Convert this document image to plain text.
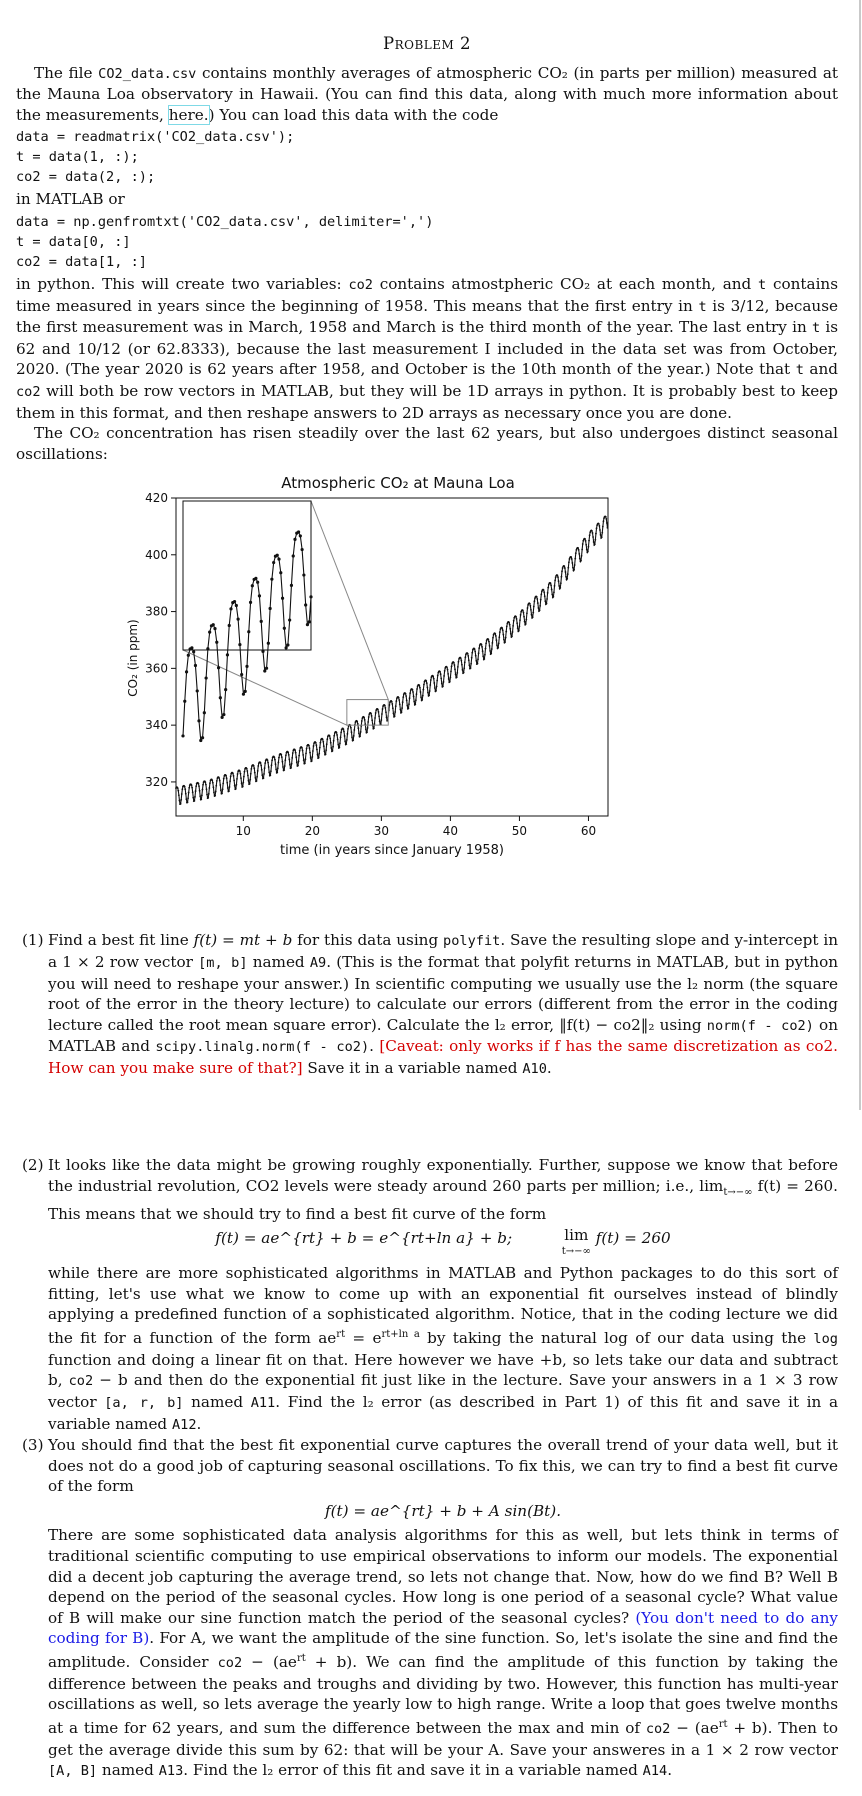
Problem 2

The file CO2_data.csv contains monthly averages of atmospheric CO₂ (in parts per million) measured at the Mauna Loa observatory in Hawaii. (You can find this data, along with much more information about the measurements, here.) You can load this data with the code

data = readmatrix('CO2_data.csv');
t = data(1, :);
co2 = data(2, :);

in MATLAB or

data = np.genfromtxt('CO2_data.csv', delimiter=',')
t = data[0, :]
co2 = data[1, :]

in python. This will create two variables: co2 contains atmostpheric CO₂ at each month, and t contains time measured in years since the beginning of 1958. This means that the first entry in t is 3/12, because the first measurement was in March, 1958 and March is the third month of the year. The last entry in t is 62 and 10/12 (or 62.8333), because the last measurement I included in the data set was from October, 2020. (The year 2020 is 62 years after 1958, and October is the 10th month of the year.) Note that t and co2 will both be row vectors in MATLAB, but they will be 1D arrays in python. It is probably best to keep them in this format, and then reshape answers to 2D arrays as necessary once you are done.

The CO₂ concentration has risen steadily over the last 62 years, but also undergoes distinct seasonal oscillations:

Atmospheric CO₂ at Mauna Loa
10	20	30	40	50	60
320
340
360
380
400
420
time (in years since January 1958)
CO₂ (in ppm)
(1) Find a best fit line f(t) = mt + b for this data using polyfit. Save the resulting slope and y-intercept in a 1 × 2 row vector [m, b] named A9. (This is the format that polyfit returns in MATLAB, but in python you will need to reshape your answer.) In scientific computing we usually use the l₂ norm (the square root of the error in the theory lecture) to calculate our errors (different from the error in the coding lecture called the root mean square error). Calculate the l₂ error, ‖f(t) − co2‖₂ using norm(f - co2) on MATLAB and scipy.linalg.norm(f - co2). [Caveat: only works if f has the same discretization as co2. How can you make sure of that?] Save it in a variable named A10.
(2) It looks like the data might be growing roughly exponentially. Further, suppose we know that before the industrial revolution, CO2 levels were steady around 260 parts per million; i.e., $\lim_{t\to-\infty} f(t) = 260$. This means that we should try to find a best fit curve of the form
f(t) = ae^{rt} + b = e^{rt+ln a} + b;	lim
t→−∞ f(t) = 260
while there are more sophisticated algorithms in MATLAB and Python packages to do this sort of fitting, let's use what we know to come up with an exponential fit ourselves instead of blindly applying a predefined function of a sophisticated algorithm. Notice, that in the coding lecture we did the fit for a function of the form $ae^{rt} = e^{rt+ln a}$ by taking the natural log of our data using the log function and doing a linear fit on that. Here however we have +b, so lets take our data and subtract b, co2 − b and then do the exponential fit just like in the lecture. Save your answers in a 1 × 3 row vector [a, r, b] named A11. Find the l₂ error (as described in Part 1) of this fit and save it in a variable named A12.
(3) You should find that the best fit exponential curve captures the overall trend of your data well, but it does not do a good job of capturing seasonal oscillations. To fix this, we can try to find a best fit curve of the form
f(t) = ae^{rt} + b + A sin(Bt).
There are some sophisticated data analysis algorithms for this as well, but lets think in terms of traditional scientific computing to use empirical observations to inform our models. The exponential did a decent job capturing the average trend, so lets not change that. Now, how do we find B? Well B depend on the period of the seasonal cycles. How long is one period of a seasonal cycle? What value of B will make our sine function match the period of the seasonal cycles? (You don't need to do any coding for B). For A, we want the amplitude of the sine function. So, let's isolate the sine and find the amplitude. Consider $co2 - (ae^{rt} + b)$. We can find the amplitude of this function by taking the difference between the peaks and troughs and dividing by two. However, this function has multi-year oscillations as well, so lets average the yearly low to high range. Write a loop that goes twelve months at a time for 62 years, and sum the difference between the max and min of $co2 - (ae^{rt} + b)$. Then to get the average divide this sum by 62: that will be your A. Save your answeres in a 1 × 2 row vector [A, B] named A13. Find the l₂ error of this fit and save it in a variable named A14.
